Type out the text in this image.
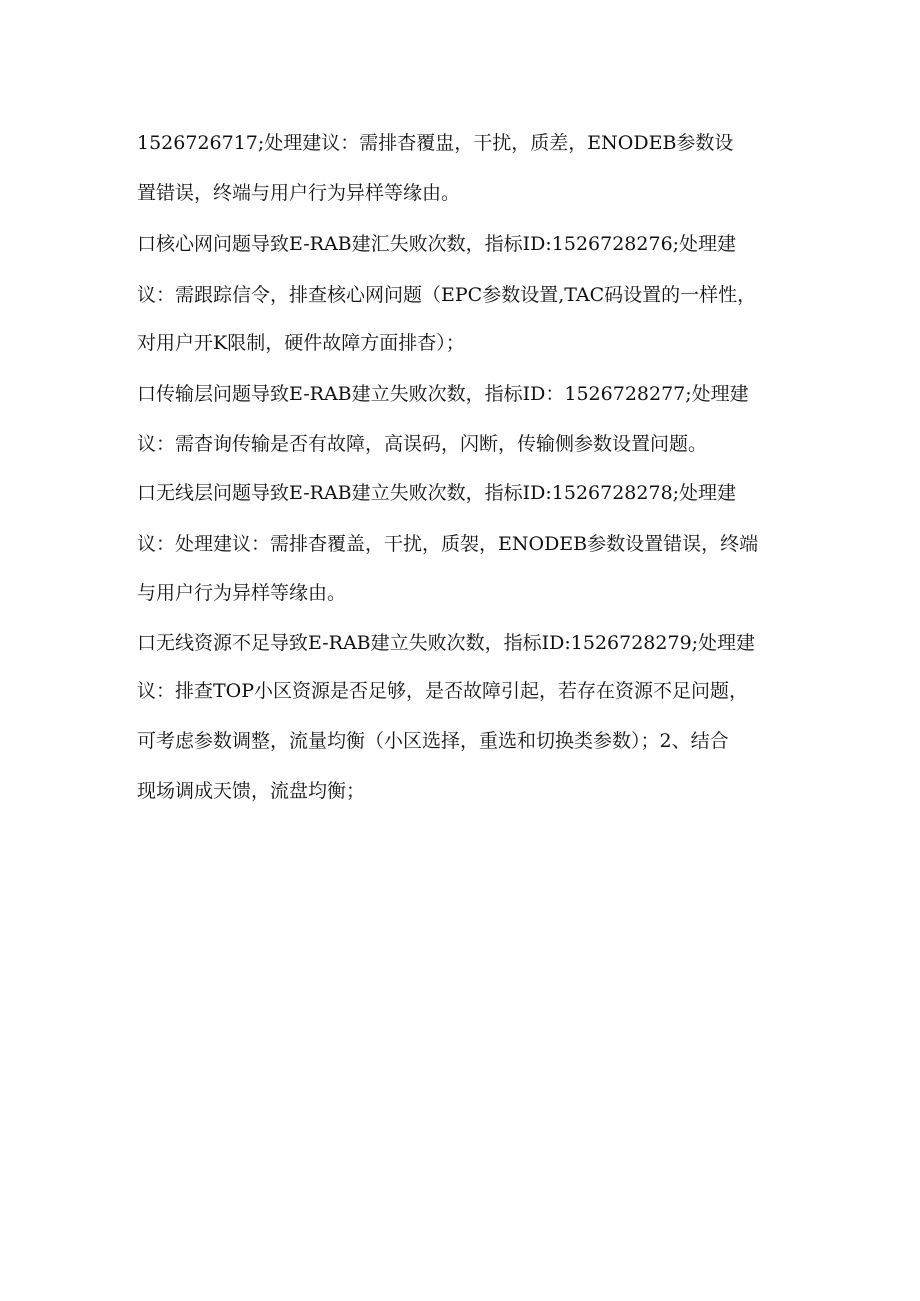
1526726717;处理建议：需排杳覆盅，干扰，质差，ENODEB参数设
置错误，终端与用户行为异样等缘由。
口核心网问题导致E-RAB建汇失败次数，指标ID:1526728276;处理建
议：需跟踪信令，排查核心网问题（EPC参数设置,TAC码设置的一样性，
对用户开K限制，硬件故障方面排杳）；
口传输层问题导致E-RAB建立失败次数，指标ID：1526728277;处理建
议：需杳询传输是否有故障，高误码，闪断，传输侧参数设置问题。
口无线层问题导致E-RAB建立失败次数，指标ID:1526728278;处理建
议：处理建议：需排杳覆盖，干扰，质袈，ENODEB参数设置错误，终端
与用户行为异样等缘由。
口无线资源不足导致E-RAB建立失败次数，指标ID:1526728279;处理建
议：排查TOP小区资源是否足够，是否故障引起，若存在资源不足问题，
可考虑参数调整，流量均衡（小区选择，重选和切换类参数）；2、结合
现场调成天馈，流盘均衡；
